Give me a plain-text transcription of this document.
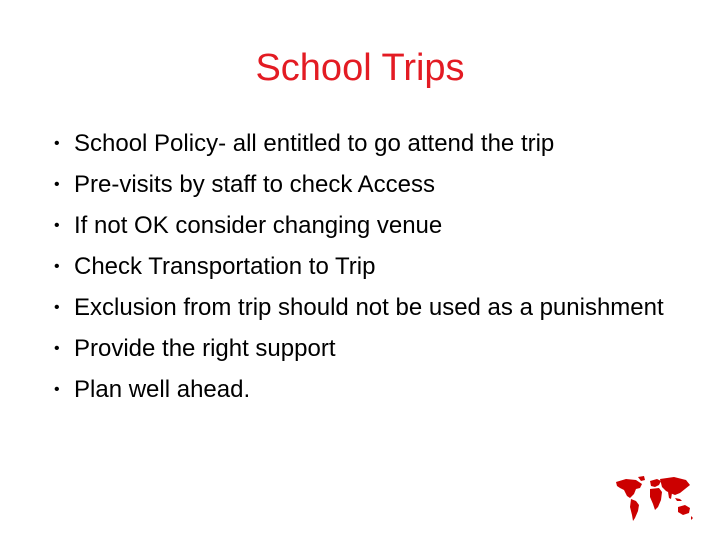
School Trips
• School Policy- all entitled to go attend the trip
• Pre-visits by staff to check Access
• If not OK consider changing venue
• Check Transportation to Trip
• Exclusion from trip should not be used as a punishment
• Provide the right support
• Plan well ahead.
